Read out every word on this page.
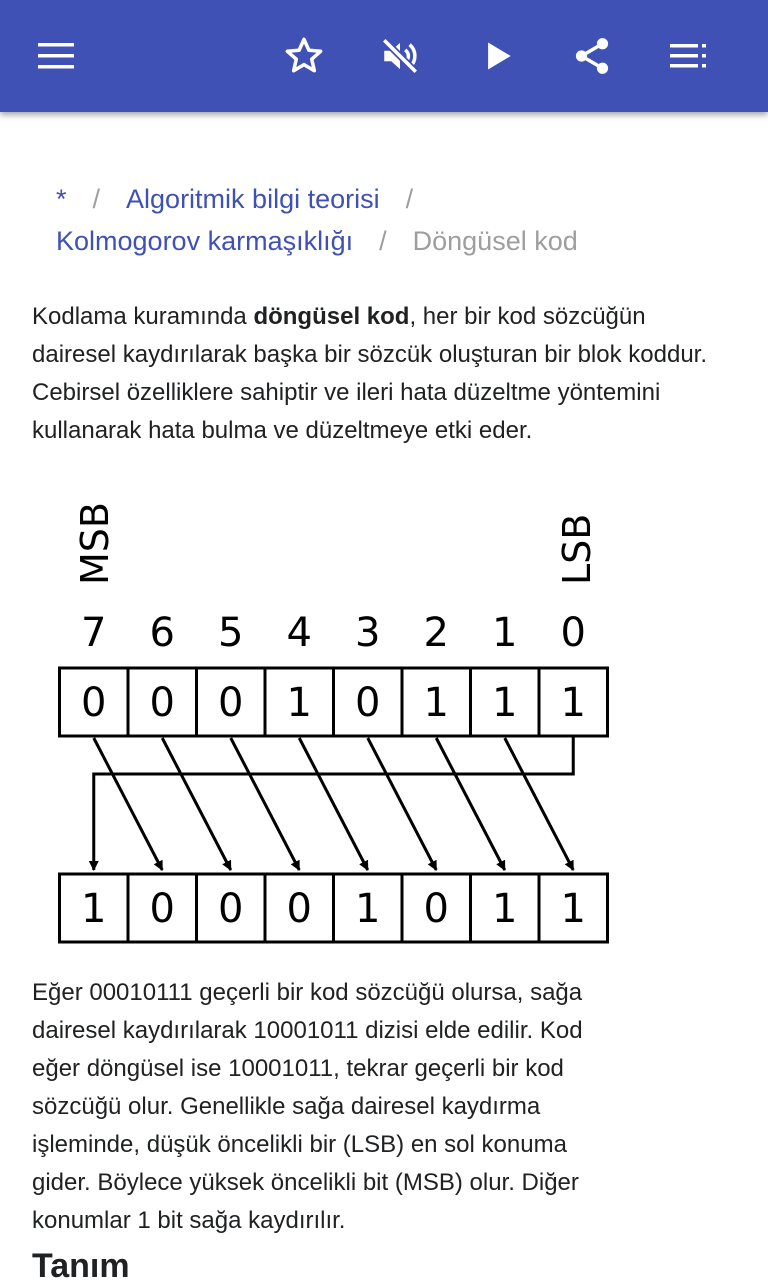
* / Algoritmik bilgi teorisi /
Kolmogorov karmaşıklığı / Döngüsel kod

Kodlama kuramında döngüsel kod, her bir kod sözcüğün dairesel kaydırılarak başka bir sözcük oluşturan bir blok koddur. Cebirsel özelliklere sahiptir ve ileri hata düzeltme yöntemini kullanarak hata bulma ve düzeltmeye etki eder.

MSB	LSB
7 6 5 4 3 2 1 0
0 0 0 1 0 1 1 1
1 0 0 0 1 0 1 1

Eğer 00010111 geçerli bir kod sözcüğü olursa, sağa dairesel kaydırılarak 10001011 dizisi elde edilir. Kod eğer döngüsel ise 10001011, tekrar geçerli bir kod sözcüğü olur. Genellikle sağa dairesel kaydırma işleminde, düşük öncelikli bir (LSB) en sol konuma gider. Böylece yüksek öncelikli bit (MSB) olur. Diğer konumlar 1 bit sağa kaydırılır.

Tanım
